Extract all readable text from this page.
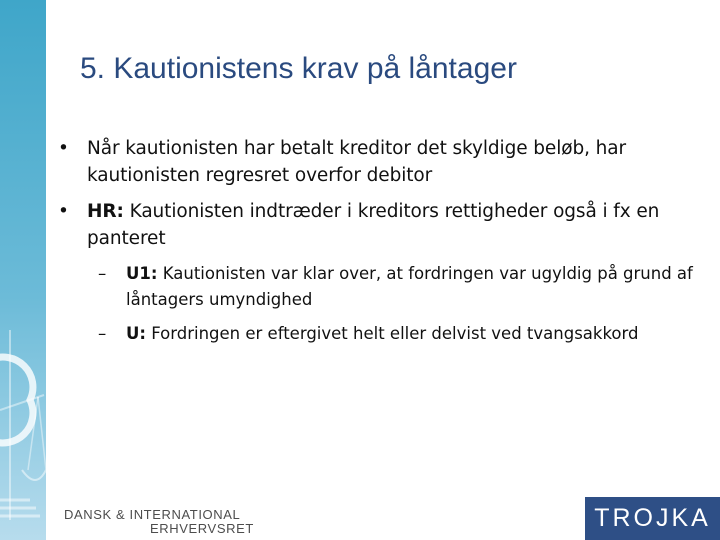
5. Kautionistens krav på låntager
• Når kautionisten har betalt kreditor det skyldige beløb, har kautionisten regresret overfor debitor
• HR: Kautionisten indtræder i kreditors rettigheder også i fx en panteret
– U1: Kautionisten var klar over, at fordringen var ugyldig på grund af låntagers umyndighed
– U: Fordringen er eftergivet helt eller delvist ved tvangsakkord
DANSK & INTERNATIONAL
ERHVERVSRET	TROJKA
